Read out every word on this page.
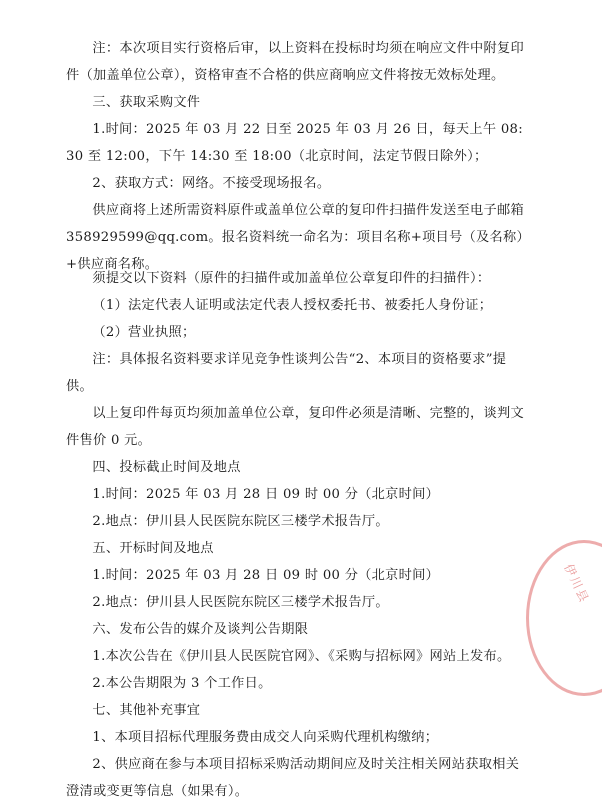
注：本次项目实行资格后审，以上资料在投标时均须在响应文件中附复印件（加盖单位公章），资格审查不合格的供应商响应文件将按无效标处理。
三、获取采购文件
1.时间：2025 年 03 月 22 日至 2025 年 03 月 26 日，每天上午 08:30 至 12:00，下午 14:30 至 18:00（北京时间，法定节假日除外）；
2、获取方式：网络。不接受现场报名。
供应商将上述所需资料原件或盖单位公章的复印件扫描件发送至电子邮箱 358929599@qq.com。报名资料统一命名为：项目名称+项目号（及名称）+供应商名称。
须提交以下资料（原件的扫描件或加盖单位公章复印件的扫描件）：
（1）法定代表人证明或法定代表人授权委托书、被委托人身份证；
（2）营业执照；
注：具体报名资料要求详见竞争性谈判公告“2、本项目的资格要求”提供。
以上复印件每页均须加盖单位公章，复印件必须是清晰、完整的，谈判文件售价 0 元。
四、投标截止时间及地点
1.时间：2025 年 03 月 28 日 09 时 00 分（北京时间）
2.地点：伊川县人民医院东院区三楼学术报告厅。
五、开标时间及地点
1.时间：2025 年 03 月 28 日 09 时 00 分（北京时间）
2.地点：伊川县人民医院东院区三楼学术报告厅。
六、发布公告的媒介及谈判公告期限
1.本次公告在《伊川县人民医院官网》、《采购与招标网》网站上发布。
2.本公告期限为 3 个工作日。
七、其他补充事宜
1、本项目招标代理服务费由成交人向采购代理机构缴纳；
2、供应商在参与本项目招标采购活动期间应及时关注相关网站获取相关澄清或变更等信息（如果有）。
伊川县
